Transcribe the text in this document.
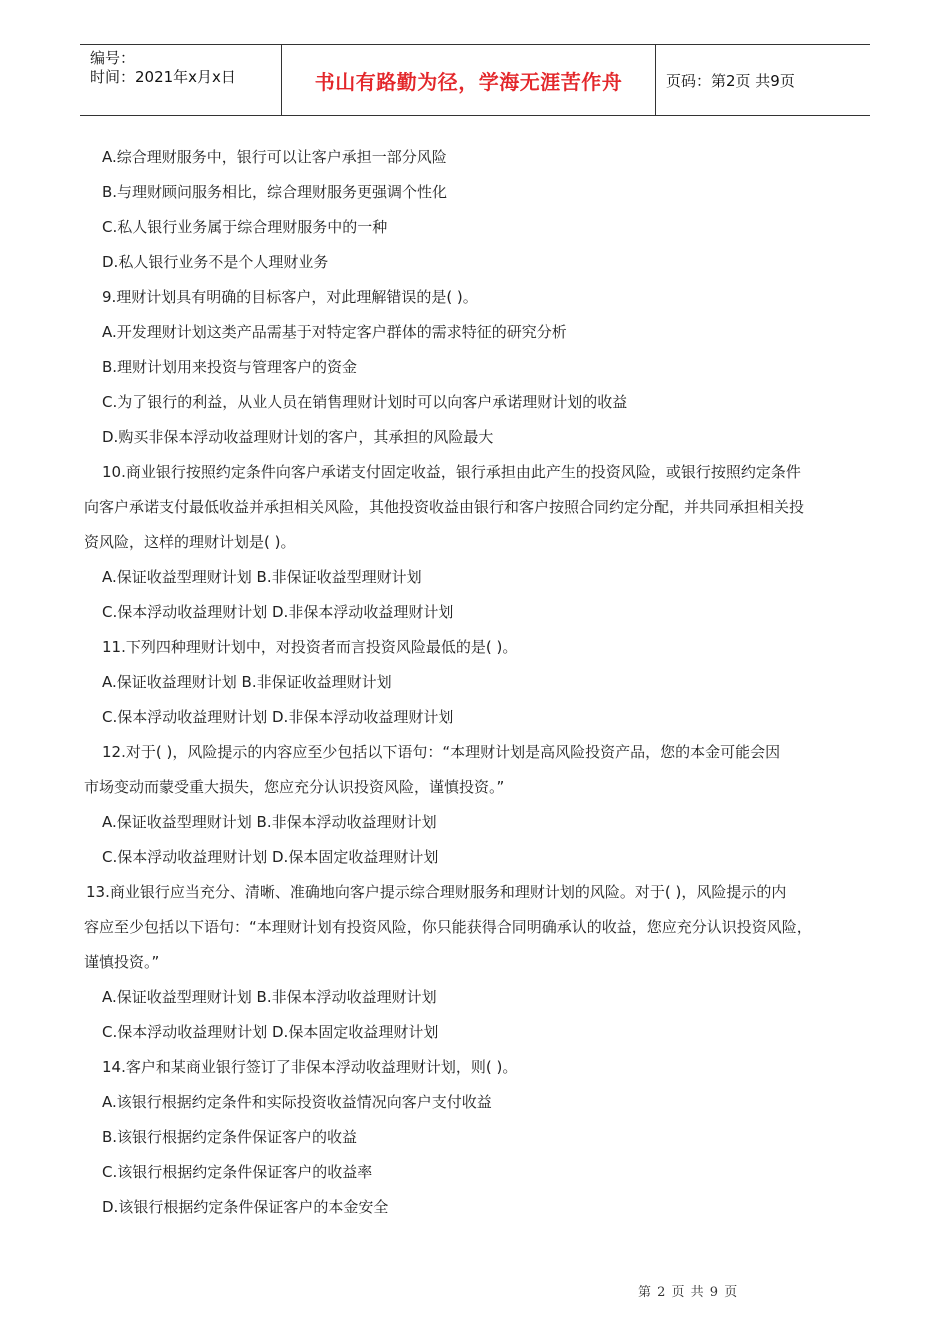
编号：
时间：2021年x月x日	书山有路勤为径，学海无涯苦作舟	页码：第2页 共9页
A.综合理财服务中，银行可以让客户承担一部分风险
B.与理财顾问服务相比，综合理财服务更强调个性化
C.私人银行业务属于综合理财服务中的一种
D.私人银行业务不是个人理财业务
9.理财计划具有明确的目标客户，对此理解错误的是( )。
A.开发理财计划这类产品需基于对特定客户群体的需求特征的研究分析
B.理财计划用来投资与管理客户的资金
C.为了银行的利益，从业人员在销售理财计划时可以向客户承诺理财计划的收益
D.购买非保本浮动收益理财计划的客户，其承担的风险最大
10.商业银行按照约定条件向客户承诺支付固定收益，银行承担由此产生的投资风险，或银行按照约定条件
向客户承诺支付最低收益并承担相关风险，其他投资收益由银行和客户按照合同约定分配，并共同承担相关投
资风险，这样的理财计划是( )。
A.保证收益型理财计划 B.非保证收益型理财计划
C.保本浮动收益理财计划 D.非保本浮动收益理财计划
11.下列四种理财计划中，对投资者而言投资风险最低的是( )。
A.保证收益理财计划 B.非保证收益理财计划
C.保本浮动收益理财计划 D.非保本浮动收益理财计划
12.对于( )，风险提示的内容应至少包括以下语句：“本理财计划是高风险投资产品，您的本金可能会因
市场变动而蒙受重大损失，您应充分认识投资风险，谨慎投资。”
A.保证收益型理财计划 B.非保本浮动收益理财计划
C.保本浮动收益理财计划 D.保本固定收益理财计划
13.商业银行应当充分、清晰、准确地向客户提示综合理财服务和理财计划的风险。对于( )，风险提示的内
容应至少包括以下语句：“本理财计划有投资风险，你只能获得合同明确承认的收益，您应充分认识投资风险，
谨慎投资。”
A.保证收益型理财计划 B.非保本浮动收益理财计划
C.保本浮动收益理财计划 D.保本固定收益理财计划
14.客户和某商业银行签订了非保本浮动收益理财计划，则( )。
A.该银行根据约定条件和实际投资收益情况向客户支付收益
B.该银行根据约定条件保证客户的收益
C.该银行根据约定条件保证客户的收益率
D.该银行根据约定条件保证客户的本金安全
第 2 页 共 9 页
